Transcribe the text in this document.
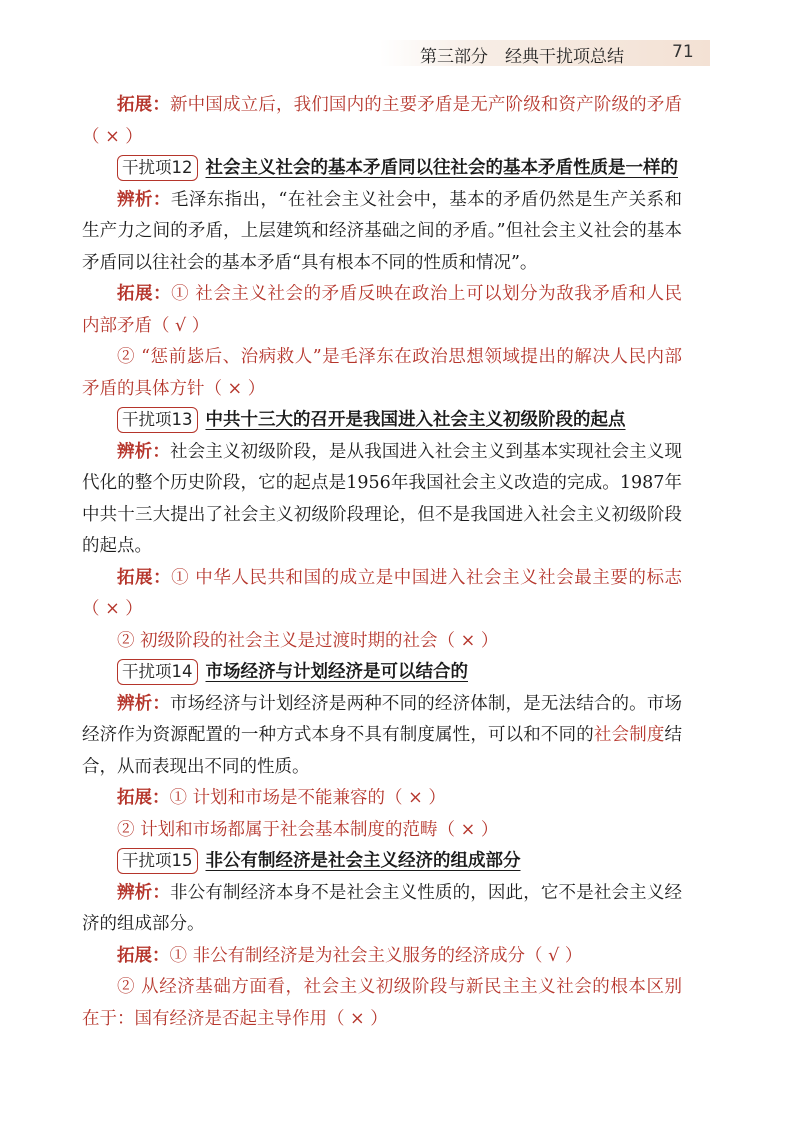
第三部分　经典干扰项总结	71

拓展：新中国成立后，我们国内的主要矛盾是无产阶级和资产阶级的矛盾（ × ）

干扰项12 社会主义社会的基本矛盾同以往社会的基本矛盾性质是一样的

辨析：毛泽东指出，“在社会主义社会中，基本的矛盾仍然是生产关系和生产力之间的矛盾，上层建筑和经济基础之间的矛盾。”但社会主义社会的基本矛盾同以往社会的基本矛盾“具有根本不同的性质和情况”。

拓展：① 社会主义社会的矛盾反映在政治上可以划分为敌我矛盾和人民内部矛盾（ √ ）

② “惩前毖后、治病救人”是毛泽东在政治思想领域提出的解决人民内部矛盾的具体方针（ × ）

干扰项13 中共十三大的召开是我国进入社会主义初级阶段的起点

辨析：社会主义初级阶段，是从我国进入社会主义到基本实现社会主义现代化的整个历史阶段，它的起点是1956年我国社会主义改造的完成。1987年中共十三大提出了社会主义初级阶段理论，但不是我国进入社会主义初级阶段的起点。

拓展：① 中华人民共和国的成立是中国进入社会主义社会最主要的标志（ × ）

② 初级阶段的社会主义是过渡时期的社会（ × ）

干扰项14 市场经济与计划经济是可以结合的

辨析：市场经济与计划经济是两种不同的经济体制，是无法结合的。市场经济作为资源配置的一种方式本身不具有制度属性，可以和不同的社会制度结合，从而表现出不同的性质。

拓展：① 计划和市场是不能兼容的（ × ）

② 计划和市场都属于社会基本制度的范畴（ × ）

干扰项15 非公有制经济是社会主义经济的组成部分

辨析：非公有制经济本身不是社会主义性质的，因此，它不是社会主义经济的组成部分。

拓展：① 非公有制经济是为社会主义服务的经济成分（ √ ）

② 从经济基础方面看，社会主义初级阶段与新民主主义社会的根本区别在于：国有经济是否起主导作用（ × ）
